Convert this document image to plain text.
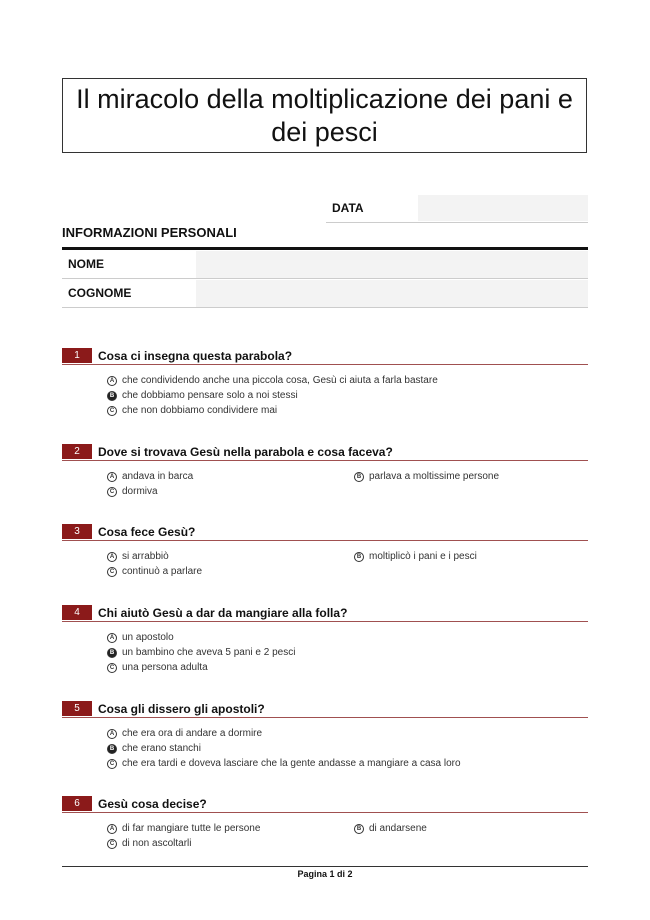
Il miracolo della moltiplicazione dei pani e dei pesci
DATA
INFORMAZIONI PERSONALI
NOME
COGNOME
1	Cosa ci insegna questa parabola?
A che condividendo anche una piccola cosa, Gesù ci aiuta a farla bastare
B che dobbiamo pensare solo a noi stessi
C che non dobbiamo condividere mai
2	Dove si trovava Gesù nella parabola e cosa faceva?
A andava in barca	B parlava a moltissime persone
C dormiva
3	Cosa fece Gesù?
A si arrabbiò	B moltiplicò i pani e i pesci
C continuò a parlare
4	Chi aiutò Gesù a dar da mangiare alla folla?
A un apostolo
B un bambino che aveva 5 pani e 2 pesci
C una persona adulta
5	Cosa gli dissero gli apostoli?
A che era ora di andare a dormire
B che erano stanchi
C che era tardi e doveva lasciare che la gente andasse a mangiare a casa loro
6	Gesù cosa decise?
A di far mangiare tutte le persone	B di andarsene
C di non ascoltarli
Pagina 1 di 2
